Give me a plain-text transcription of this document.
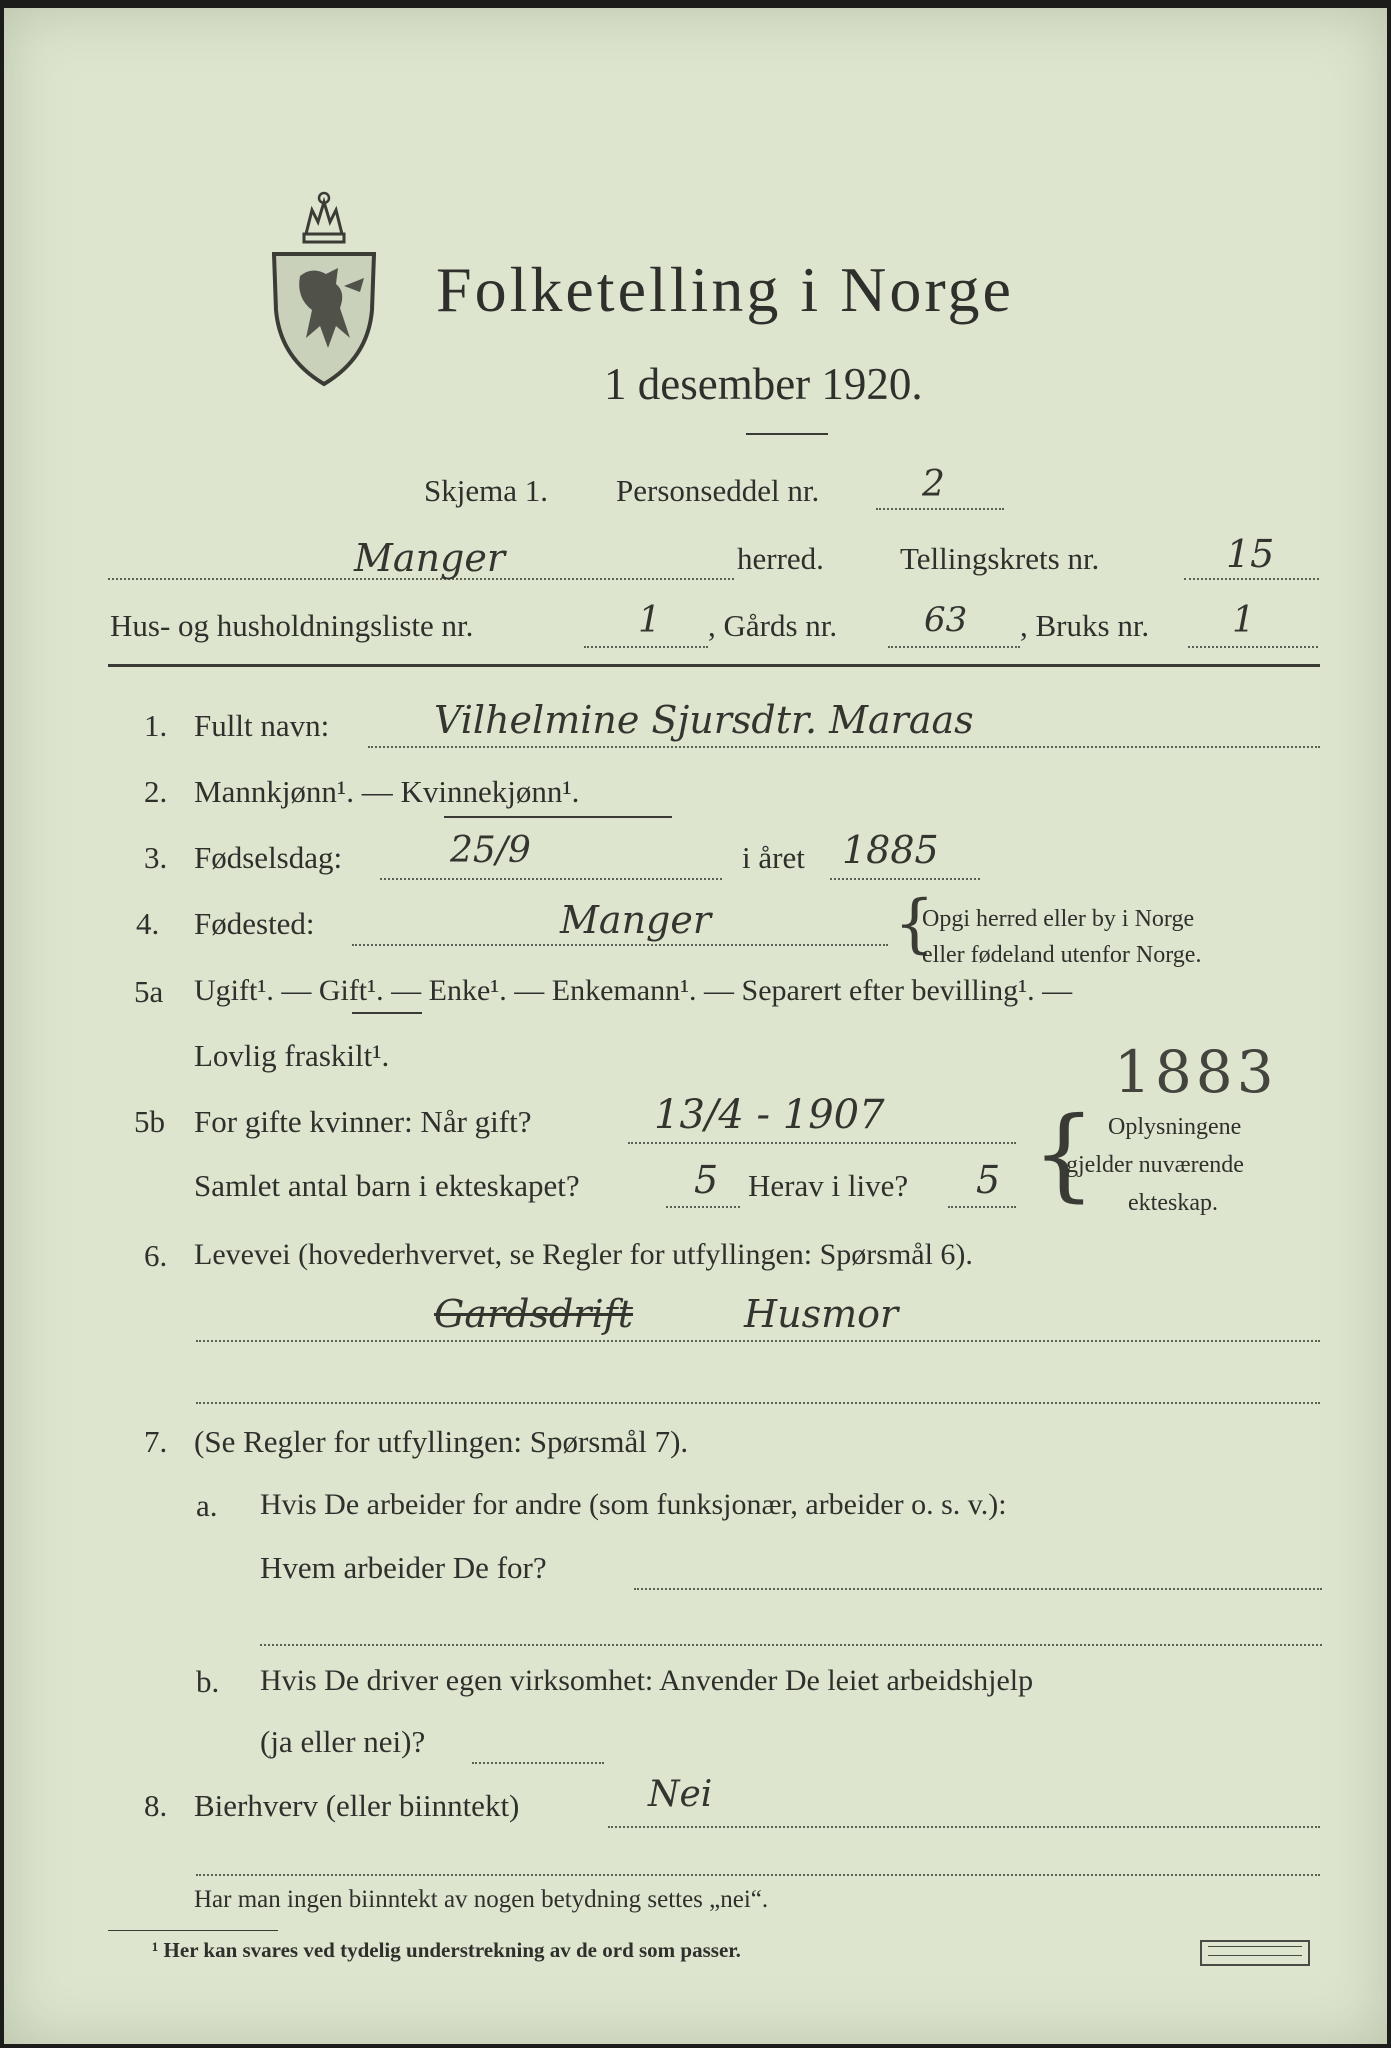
Folketelling i Norge
1 desember 1920.
Skjema 1. Personseddel nr.	2
Manger	herred. Tellingskrets nr.	15
Hus- og husholdningsliste nr.	1 , Gårds nr.	63 , Bruks nr. 1
1. Fullt navn:	Vilhelmine Sjursdtr. Maraas
2. Mannkjønn¹. — Kvinnekjønn¹.
3. Fødselsdag:	25/9	i året 1885
4. Fødested:	Manger	{
Opgi herred eller by i Norge
eller fødeland utenfor Norge.
5a Ugift¹. — Gift¹. — Enke¹. — Enkemann¹. — Separert efter bevilling¹. —
Lovlig fraskilt¹.	1883
5b For gifte kvinner: Når gift?	13/4 - 1907
Samlet antal barn i ekteskapet?	5 Herav i live? 5 { Oplysningene
gjelder nuværende
ekteskap.
6. Levevei (hovederhvervet, se Regler for utfyllingen: Spørsmål 6).
Gardsdrift	Husmor
7. (Se Regler for utfyllingen: Spørsmål 7).
a. Hvis De arbeider for andre (som funksjonær, arbeider o. s. v.):
Hvem arbeider De for?
b. Hvis De driver egen virksomhet: Anvender De leiet arbeidshjelp
(ja eller nei)?
8. Bierhverv (eller biinntekt)	Nei
Har man ingen biinntekt av nogen betydning settes „nei“.
¹ Her kan svares ved tydelig understrekning av de ord som passer.
